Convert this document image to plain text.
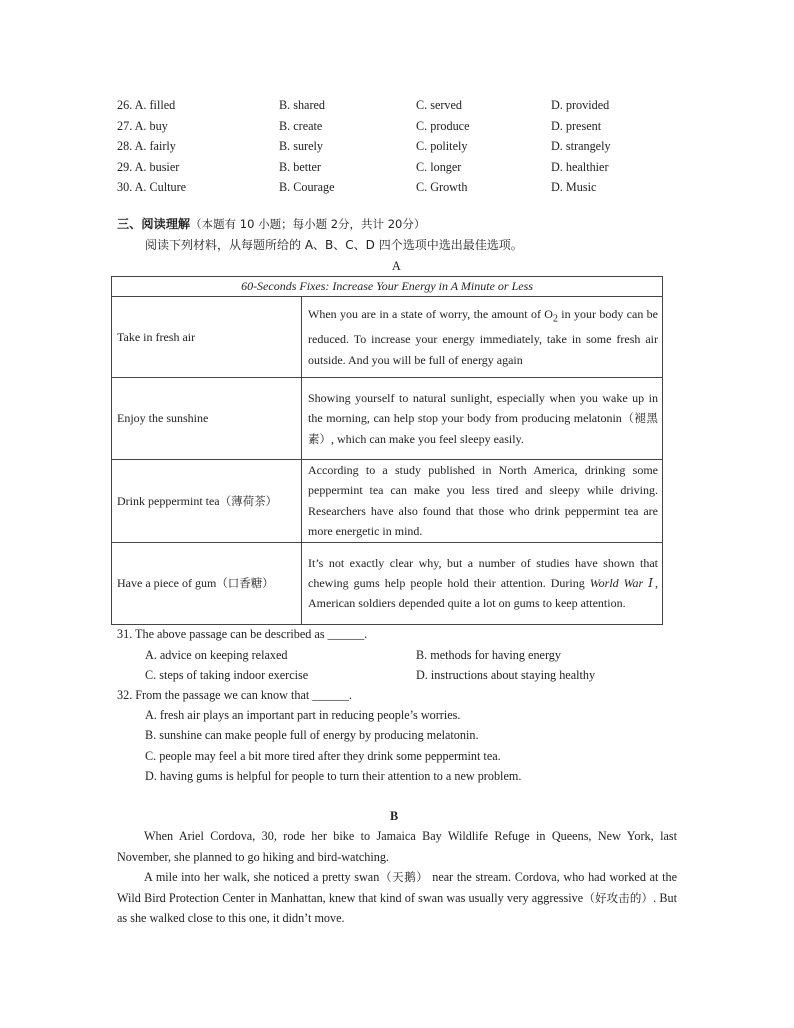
26. A. filled	B. shared	C. served	D. provided
27. A. buy	B. create	C. produce	D. present
28. A. fairly	B. surely	C. politely	D. strangely
29. A. busier	B. better	C. longer	D. healthier
30. A. Culture	B. Courage	C. Growth	D. Music
三、阅读理解（本题有 10 小题；每小题 2分，共计 20分）
阅读下列材料，从每题所给的 A、B、C、D 四个选项中选出最佳选项。
A
60-Seconds Fixes: Increase Your Energy in A Minute or Less	
Take in fresh air	When you are in a state of worry, the amount of $O_2$ in your body can be reduced. To increase your energy immediately, take in some fresh air outside. And you will be full of energy again
Enjoy the sunshine	Showing yourself to natural sunlight, especially when you wake up in the morning, can help stop your body from producing melatonin（褪黑素）, which can make you feel sleepy easily.
Drink peppermint tea（薄荷茶）	According to a study published in North America, drinking some peppermint tea can make you less tired and sleepy while driving. Researchers have also found that those who drink peppermint tea are more energetic in mind.
Have a piece of gum（口香糖）	It’s not exactly clear why, but a number of studies have shown that chewing gums help people hold their attention. During World War Ⅰ, American soldiers depended quite a lot on gums to keep attention.
31. The above passage can be described as ______.
A. advice on keeping relaxed	B. methods for having energy
C. steps of taking indoor exercise	D. instructions about staying healthy
32. From the passage we can know that ______.
A. fresh air plays an important part in reducing people’s worries.
B. sunshine can make people full of energy by producing melatonin.
C. people may feel a bit more tired after they drink some peppermint tea.
D. having gums is helpful for people to turn their attention to a new problem.
B
When Ariel Cordova, 30, rode her bike to Jamaica Bay Wildlife Refuge in Queens, New York, last November, she planned to go hiking and bird-watching.
A mile into her walk, she noticed a pretty swan（天鹅） near the stream. Cordova, who had worked at the Wild Bird Protection Center in Manhattan, knew that kind of swan was usually very aggressive（好攻击的）. But as she walked close to this one, it didn’t move.
